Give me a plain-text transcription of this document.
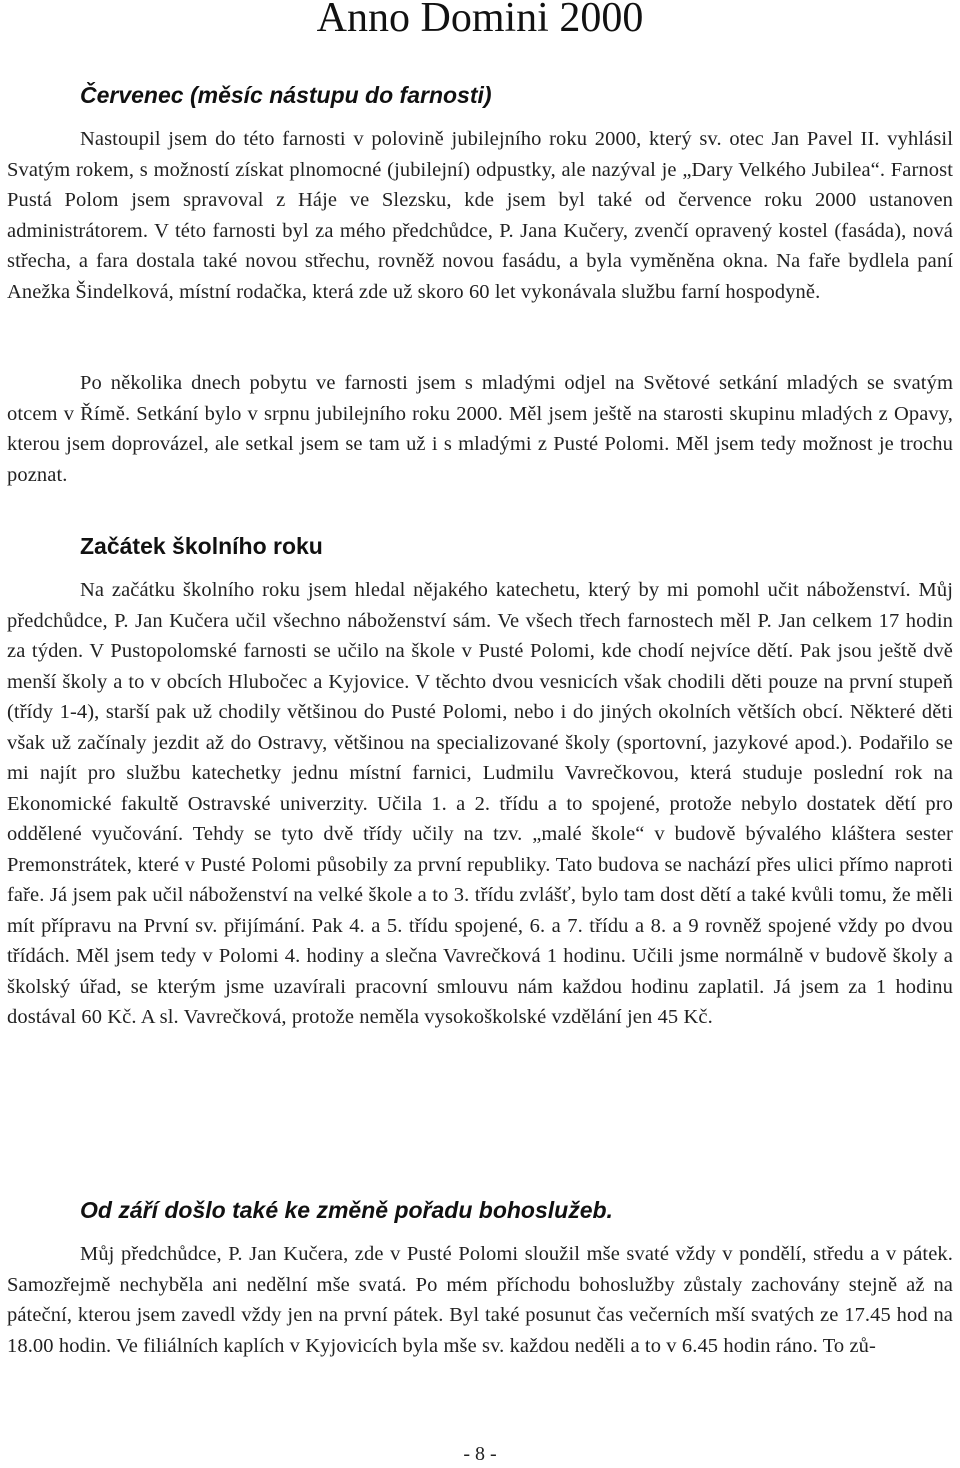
Anno Domini 2000
Červenec (měsíc nástupu do farnosti)

Nastoupil jsem do této farnosti v polovině jubilejního roku 2000, který sv. otec Jan Pavel II. vyhlásil Svatým rokem, s možností získat plnomocné (jubilejní) odpustky, ale nazýval je „Dary Velkého Jubilea“. Farnost Pustá Polom jsem spravoval z Háje ve Slezsku, kde jsem byl také od července roku 2000 ustanoven administrátorem. V této farnosti byl za mého předchůdce, P. Jana Kučery, zvenčí opravený kostel (fasáda), nová střecha, a fara dostala také novou střechu, rovněž novou fasádu, a byla vyměněna okna. Na faře bydlela paní Anežka Šindelková, místní rodačka, která zde už skoro 60 let vykonávala službu farní hospodyně.

Po několika dnech pobytu ve farnosti jsem s mladými odjel na Světové setkání mladých se svatým otcem v Římě. Setkání bylo v srpnu jubilejního roku 2000. Měl jsem ještě na starosti skupinu mladých z Opavy, kterou jsem doprovázel, ale setkal jsem se tam už i s mladými z Pusté Polomi. Měl jsem tedy možnost je trochu poznat.

Začátek školního roku

Na začátku školního roku jsem hledal nějakého katechetu, který by mi pomohl učit náboženství. Můj předchůdce, P. Jan Kučera učil všechno náboženství sám. Ve všech třech farnostech měl P. Jan celkem 17 hodin za týden. V Pustopolomské farnosti se učilo na škole v Pusté Polomi, kde chodí nejvíce dětí. Pak jsou ještě dvě menší školy a to v obcích Hlubočec a Kyjovice. V těchto dvou vesnicích však chodili děti pouze na první stupeň (třídy 1-4), starší pak už chodily většinou do Pusté Polomi, nebo i do jiných okolních větších obcí. Některé děti však už začínaly jezdit až do Ostravy, většinou na specializované školy (sportovní, jazykové apod.). Podařilo se mi najít pro službu katechetky jednu místní farnici, Ludmilu Vavrečkovou, která studuje poslední rok na Ekonomické fakultě Ostravské univerzity. Učila 1. a 2. třídu a to spojené, protože nebylo dostatek dětí pro oddělené vyučování. Tehdy se tyto dvě třídy učily na tzv. „malé škole“ v budově bývalého kláštera sester Premonstrátek, které v Pusté Polomi působily za první republiky. Tato budova se nachází přes ulici přímo naproti faře. Já jsem pak učil náboženství na velké škole a to 3. třídu zvlášť, bylo tam dost dětí a také kvůli tomu, že měli mít přípravu na První sv. přijímání. Pak 4. a 5. třídu spojené, 6. a 7. třídu a 8. a 9 rovněž spojené vždy po dvou třídách. Měl jsem tedy v Polomi 4. hodiny a slečna Vavrečková 1 hodinu. Učili jsme normálně v budově školy a školský úřad, se kterým jsme uzavírali pracovní smlouvu nám každou hodinu zaplatil. Já jsem za 1 hodinu dostával 60 Kč. A sl. Vavrečková, protože neměla vysokoškolské vzdělání jen 45 Kč.

Od září došlo také ke změně pořadu bohoslužeb.

Můj předchůdce, P. Jan Kučera, zde v Pusté Polomi sloužil mše svaté vždy v pondělí, středu a v pátek. Samozřejmě nechyběla ani nedělní mše svatá. Po mém příchodu bohoslužby zůstaly zachovány stejně až na páteční, kterou jsem zavedl vždy jen na první pátek. Byl také posunut čas večerních mší svatých ze 17.45 hod na 18.00 hodin. Ve filiálních kaplích v Kyjovicích byla mše sv. každou neděli a to v 6.45 hodin ráno. To zů-

- 8 -
